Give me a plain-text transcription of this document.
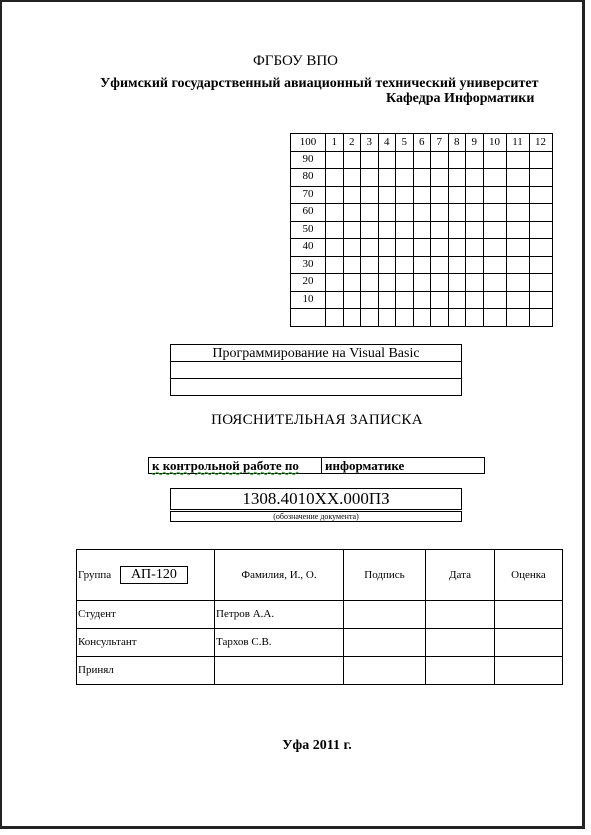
ФГБОУ ВПО
Уфимский государственный авиационный технический университет
Кафедра Информатики
100	1	2	3	4	5	6	7	8	9	10	11	12
90												
80												
70												
60												
50												
40												
30												
20												
10												

Программирование на Visual Basic

ПОЯСНИТЕЛЬНАЯ ЗАПИСКА
к контрольной работе по	информатике
1308.4010ХХ.000ПЗ
(обозначение документа)
Группа АП-120	Фамилия, И., О.	Подпись	Дата	Оценка
Студент	Петров А.А.			
Консультант	Тархов С.В.			
Принял				
Уфа 2011 г.
